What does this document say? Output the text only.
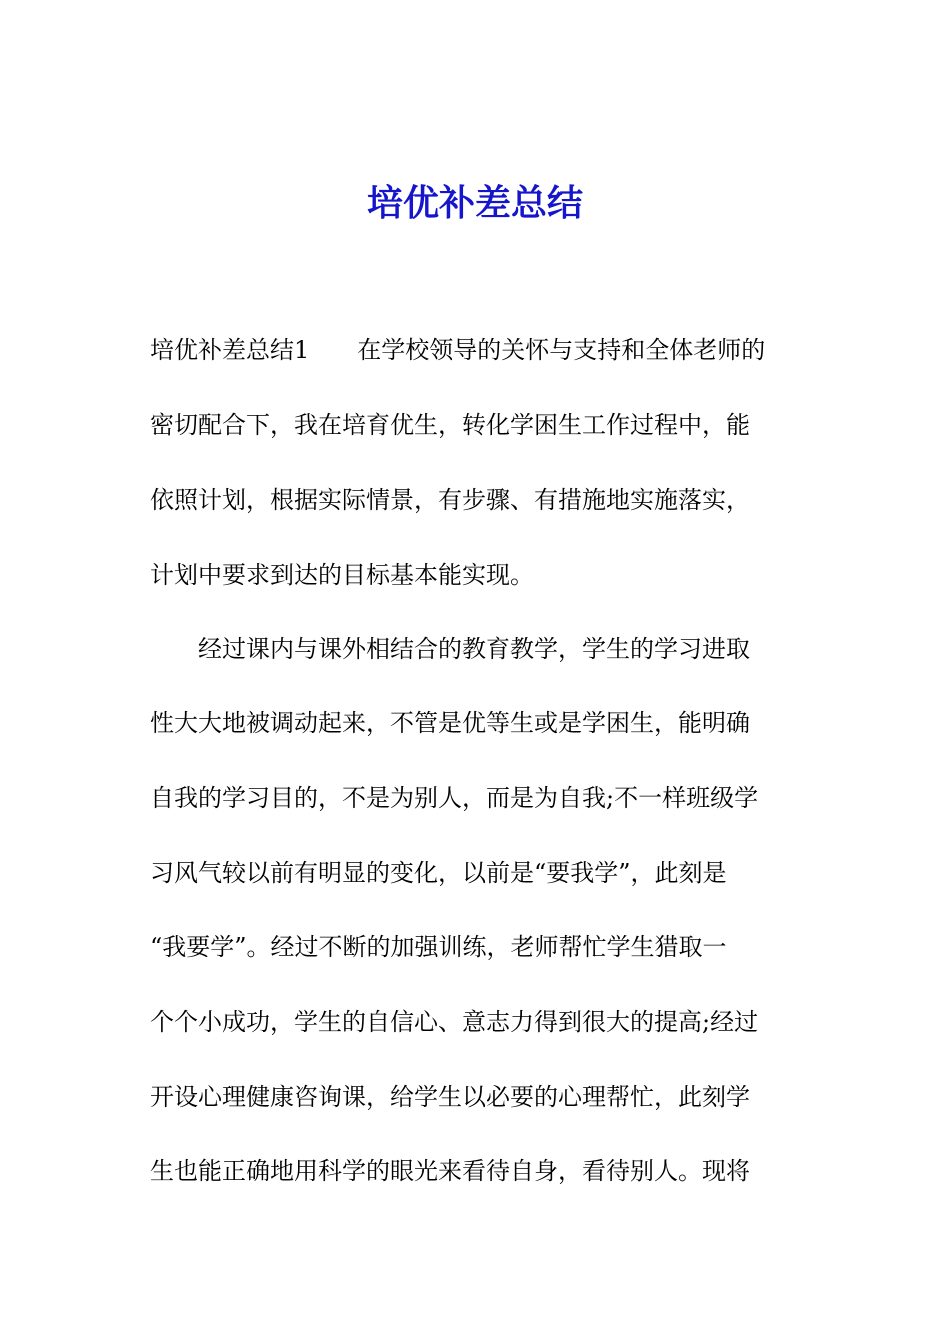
培优补差总结

培优补差总结1　　在学校领导的关怀与支持和全体老师的

密切配合下，我在培育优生，转化学困生工作过程中，能

依照计划，根据实际情景，有步骤、有措施地实施落实，

计划中要求到达的目标基本能实现。

经过课内与课外相结合的教育教学，学生的学习进取

性大大地被调动起来，不管是优等生或是学困生，能明确

自我的学习目的，不是为别人，而是为自我;不一样班级学

习风气较以前有明显的变化，以前是“要我学”，此刻是

“我要学”。经过不断的加强训练，老师帮忙学生猎取一

个个小成功，学生的自信心、意志力得到很大的提高;经过

开设心理健康咨询课，给学生以必要的心理帮忙，此刻学

生也能正确地用科学的眼光来看待自身，看待别人。现将
